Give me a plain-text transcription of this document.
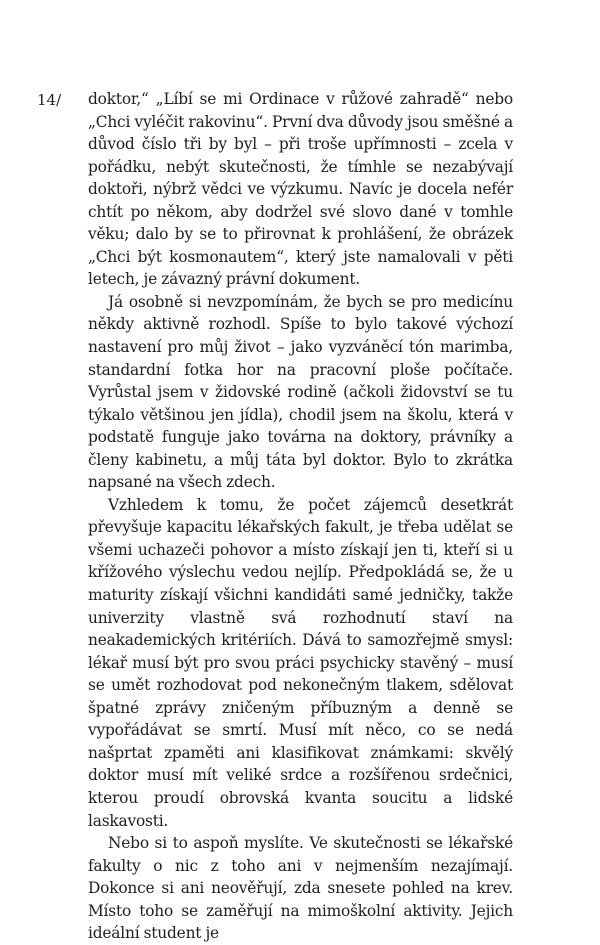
14/ doktor,“ „Líbí se mi Ordinace v růžové zahradě“ nebo „Chci vyléčit rakovinu“. První dva důvody jsou směšné a důvod číslo tři by byl – při troše upřímnosti – zcela v pořádku, nebýt skutečnosti, že tímhle se nezabývají doktoři, nýbrž vědci ve výzkumu. Navíc je docela nefér chtít po někom, aby dodržel své slovo dané v tomhle věku; dalo by se to přirovnat k prohlášení, že obrázek „Chci být kosmonautem“, který jste namalovali v pěti letech, je závazný právní dokument.

Já osobně si nevzpomínám, že bych se pro medicínu někdy aktivně rozhodl. Spíše to bylo takové výchozí nastavení pro můj život – jako vyzváněcí tón marimba, standardní fotka hor na pracovní ploše počítače. Vyrůstal jsem v židovské rodině (ačkoli židovství se tu týkalo většinou jen jídla), chodil jsem na školu, která v podstatě funguje jako továrna na doktory, právníky a členy kabinetu, a můj táta byl doktor. Bylo to zkrátka napsané na všech zdech.

Vzhledem k tomu, že počet zájemců desetkrát převyšuje kapacitu lékařských fakult, je třeba udělat se všemi uchazeči pohovor a místo získají jen ti, kteří si u křížového výslechu vedou nejlíp. Předpokládá se, že u maturity získají všichni kandidáti samé jedničky, takže univerzity vlastně svá rozhodnutí staví na neakademických kritériích. Dává to samozřejmě smysl: lékař musí být pro svou práci psychicky stavěný – musí se umět rozhodovat pod nekonečným tlakem, sdělovat špatné zprávy zničeným příbuzným a denně se vypořádávat se smrtí. Musí mít něco, co se nedá našprtat zpaměti ani klasifikovat známkami: skvělý doktor musí mít veliké srdce a rozšířenou srdečnici, kterou proudí obrovská kvanta soucitu a lidské laskavosti.

Nebo si to aspoň myslíte. Ve skutečnosti se lékařské fakulty o nic z toho ani v nejmenším nezajímají. Dokonce si ani neověřují, zda snesete pohled na krev. Místo toho se zaměřují na mimoškolní aktivity. Jejich ideální student je
